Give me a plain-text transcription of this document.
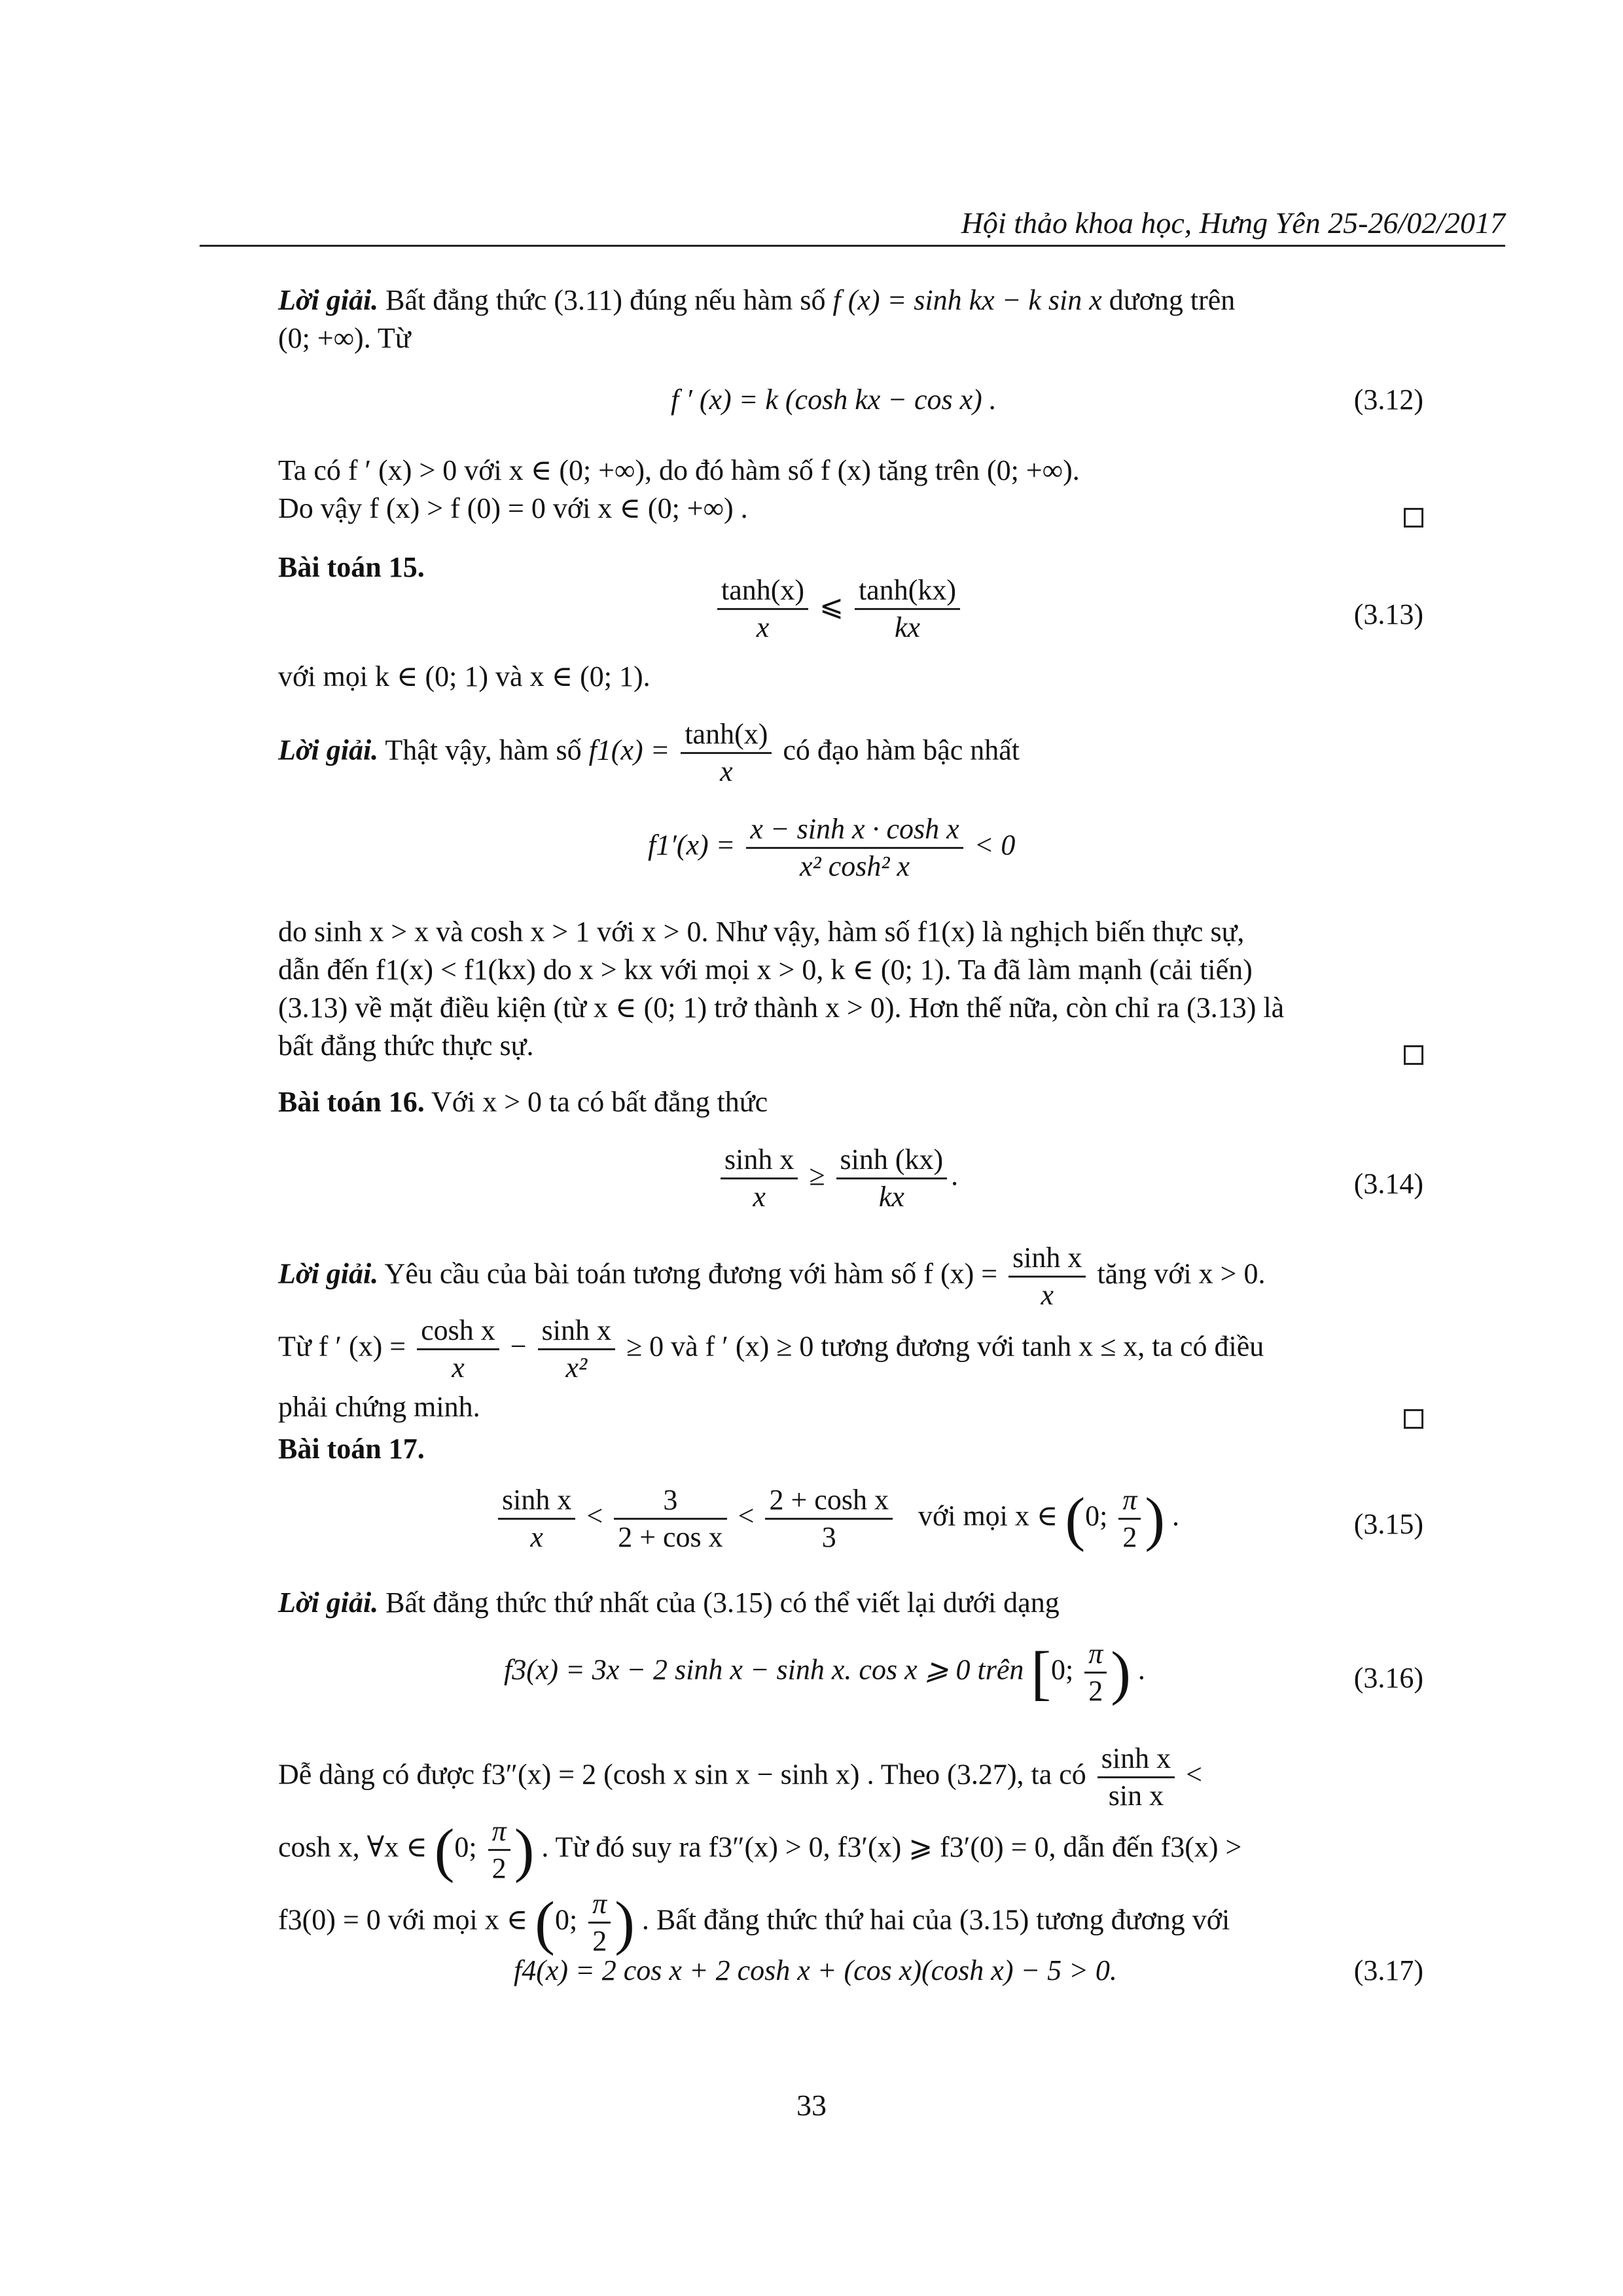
Hội thảo khoa học, Hưng Yên 25-26/02/2017
Lời giải. Bất đẳng thức (3.11) đúng nếu hàm số f (x) = sinh kx − k sin x dương trên
(0; +∞). Từ
f ′ (x) = k (cosh kx − cos x) .	(3.12)
Ta có f ′ (x) > 0 với x ∈ (0; +∞), do đó hàm số f (x) tăng trên (0; +∞).
Do vậy f (x) > f (0) = 0 với x ∈ (0; +∞) .
Bài toán 15.
$\frac{\tanh(x)}{x}$ ⩽ $\frac{\tanh(kx)}{kx}$	(3.13)
với mọi k ∈ (0; 1) và x ∈ (0; 1).
Lời giải. Thật vậy, hàm số $f1(x) = \frac{\tanh(x)}{x}$ có đạo hàm bậc nhất
$f1'(x) = \frac{\text{x − sinh x · cosh x}}{\text{x² cosh² x}} < 0$
do sinh x > x và cosh x > 1 với x > 0. Như vậy, hàm số f1(x) là nghịch biến thực sự,
dẫn đến f1(x) < f1(kx) do x > kx với mọi x > 0, k ∈ (0; 1). Ta đã làm mạnh (cải tiến)
(3.13) về mặt điều kiện (từ x ∈ (0; 1) trở thành x > 0). Hơn thế nữa, còn chỉ ra (3.13) là
bất đẳng thức thực sự.
Bài toán 16. Với x > 0 ta có bất đẳng thức
$\frac{\text{sinh x}}{x} \ge \frac{\sinh (kx)}{kx}$ .	(3.14)
Lời giải. Yêu cầu của bài toán tương đương với hàm số f $(x) = \frac{\text{sinh x}}{x}$ tăng với x > 0.
Từ f ′ $(x) = \frac{\text{cosh x}}{x} - \frac{\text{sinh x}}{\text{x²}} \ge 0$ và f ′ (x) ≥ 0 tương đương với tanh x ≤ x, ta có điều
phải chứng minh.
Bài toán 17.
$\frac{\text{sinh x}}{x} < \frac{3}{\text{2 + cos x}} < \frac{\text{2 + cosh x}}{3}$ với mọi x ∈ (0; $\frac{\pi}{2}$ ) .	(3.15)
Lời giải. Bất đẳng thức thứ nhất của (3.15) có thể viết lại dưới dạng
f3(x) = 3x − 2 sinh x − sinh x. cos x ⩾ 0 trên [0; $\frac{\pi}{2}$ ) .	(3.16)
Dễ dàng có được f3″(x) = 2 (cosh x sin x − sinh x) . Theo (3.27), ta có $\frac{\text{sinh x}}{\text{sin x}}$ <
cosh x, ∀x ∈ (0; $\frac{\pi}{2}$ ) . Từ đó suy ra f3″(x) > 0, f3′(x) ⩾ f3′(0) = 0, dẫn đến f3(x) >
f3(0) = 0 với mọi x ∈ (0; $\frac{\pi}{2}$ ) . Bất đẳng thức thứ hai của (3.15) tương đương với
f4(x) = 2 cos x + 2 cosh x + (cos x)(cosh x) − 5 > 0.	(3.17)
33
